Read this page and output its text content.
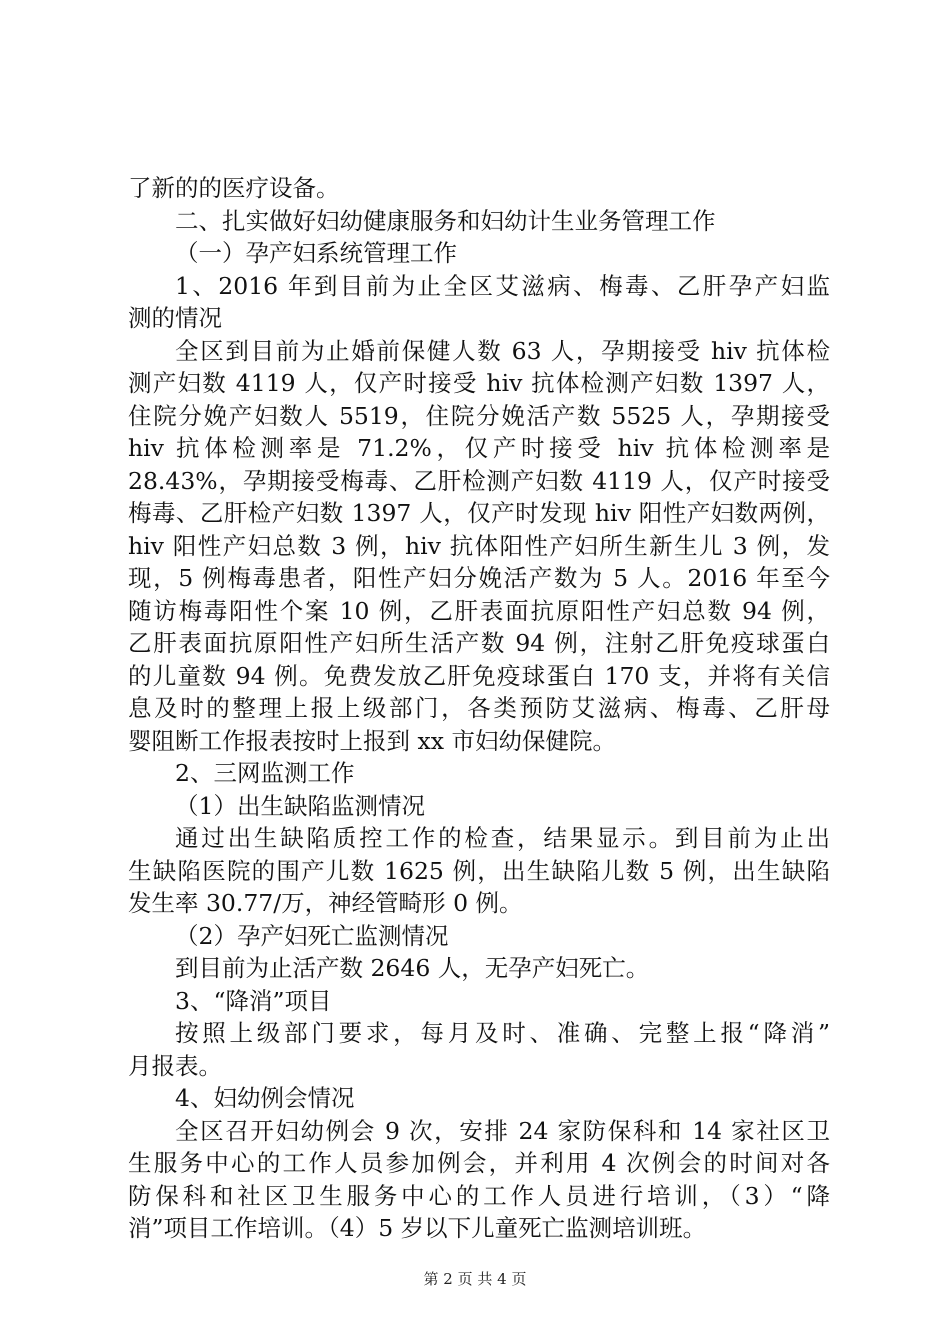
了新的的医疗设备。
二、扎实做好妇幼健康服务和妇幼计生业务管理工作
（一）孕产妇系统管理工作
1、2016 年到目前为止全区艾滋病、梅毒、乙肝孕产妇监
测的情况
全区到目前为止婚前保健人数 63 人，孕期接受 hiv 抗体检
测产妇数 4119 人，仅产时接受 hiv 抗体检测产妇数 1397 人，
住院分娩产妇数人 5519，住院分娩活产数 5525 人，孕期接受
hiv 抗体检测率是 71.2%，仅产时接受 hiv 抗体检测率是
28.43%，孕期接受梅毒、乙肝检测产妇数 4119 人，仅产时接受
梅毒、乙肝检产妇数 1397 人，仅产时发现 hiv 阳性产妇数两例，
hiv 阳性产妇总数 3 例，hiv 抗体阳性产妇所生新生儿 3 例，发
现，5 例梅毒患者，阳性产妇分娩活产数为 5 人。2016 年至今
随访梅毒阳性个案 10 例，乙肝表面抗原阳性产妇总数 94 例，
乙肝表面抗原阳性产妇所生活产数 94 例，注射乙肝免疫球蛋白
的儿童数 94 例。免费发放乙肝免疫球蛋白 170 支，并将有关信
息及时的整理上报上级部门，各类预防艾滋病、梅毒、乙肝母
婴阻断工作报表按时上报到 xx 市妇幼保健院。
2、三网监测工作
（1）出生缺陷监测情况
通过出生缺陷质控工作的检查，结果显示。到目前为止出
生缺陷医院的围产儿数 1625 例，出生缺陷儿数 5 例，出生缺陷
发生率 30.77/万，神经管畸形 0 例。
（2）孕产妇死亡监测情况
到目前为止活产数 2646 人，无孕产妇死亡。
3、“降消”项目
按照上级部门要求，每月及时、准确、完整上报“降消”
月报表。
4、妇幼例会情况
全区召开妇幼例会 9 次，安排 24 家防保科和 14 家社区卫
生服务中心的工作人员参加例会，并利用 4 次例会的时间对各
防保科和社区卫生服务中心的工作人员进行培训，（3）“降
消”项目工作培训。（4）5 岁以下儿童死亡监测培训班。
第 2 页 共 4 页
